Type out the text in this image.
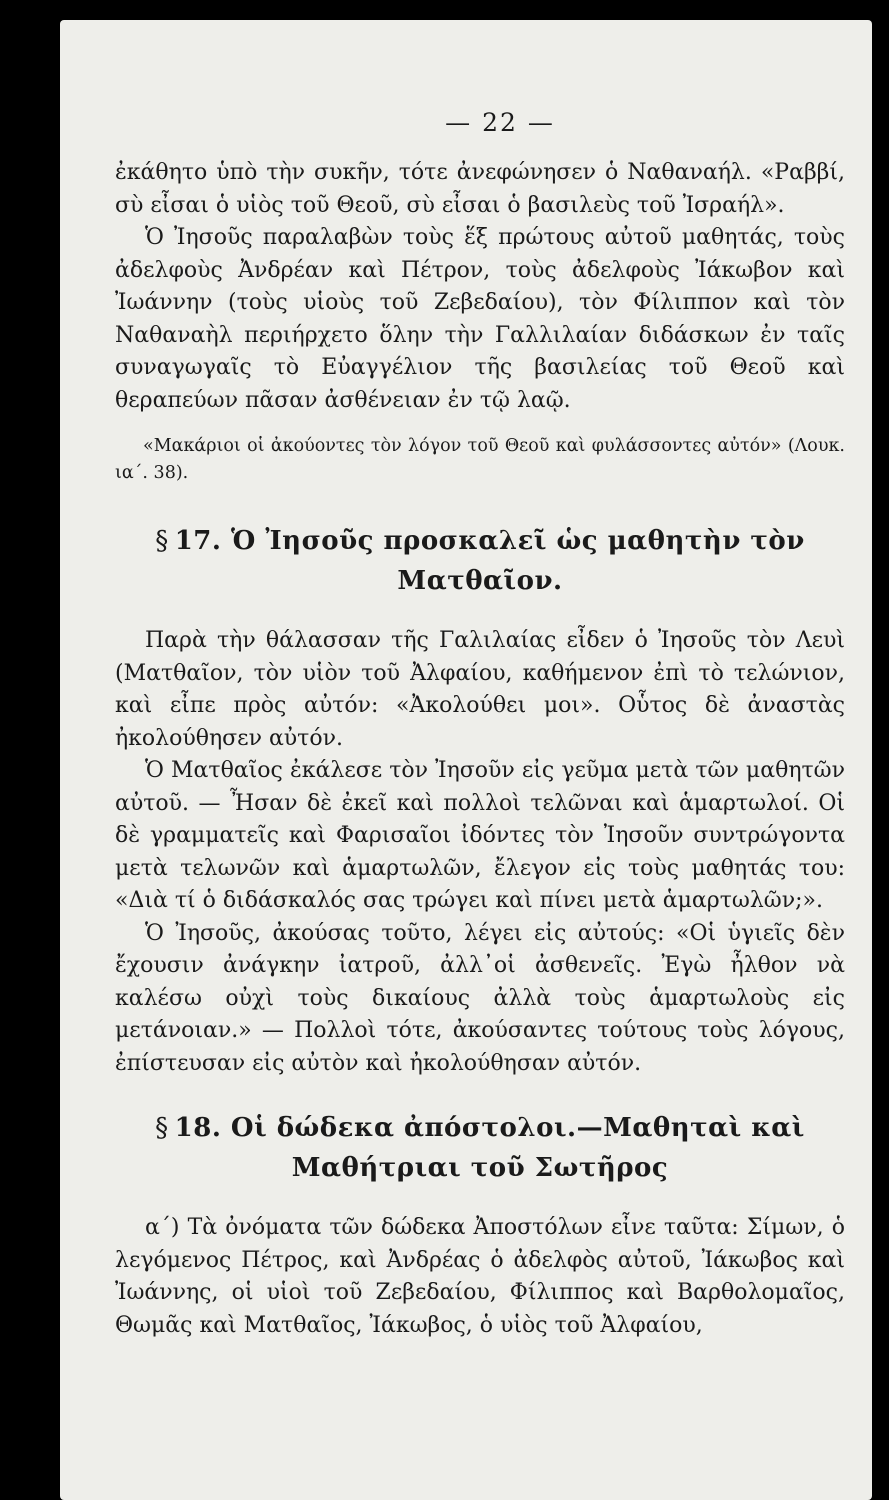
— 22 —

ἐκάθητο ὑπὸ τὴν συκῆν, τότε ἀνεφώνησεν ὁ Ναθαναήλ. «Ραββί, σὺ εἶσαι ὁ υἱὸς τοῦ Θεοῦ, σὺ εἶσαι ὁ βασιλεὺς τοῦ Ἰσραήλ».

Ὁ Ἰησοῦς παραλαβὼν τοὺς ἕξ πρώτους αὐτοῦ μαθητάς, τοὺς ἀδελφοὺς Ἀνδρέαν καὶ Πέτρον, τοὺς ἀδελφοὺς Ἰάκωβον καὶ Ἰωάννην (τοὺς υἱοὺς τοῦ Ζεβεδαίου), τὸν Φίλιππον καὶ τὸν Ναθαναὴλ περιήρχετο ὅλην τὴν Γαλλιλαίαν διδάσκων ἐν ταῖς συναγωγαῖς τὸ Εὐαγγέλιον τῆς βασιλείας τοῦ Θεοῦ καὶ θεραπεύων πᾶσαν ἀσθένειαν ἐν τῷ λαῷ.

«Μακάριοι οἱ ἀκούοντες τὸν λόγον τοῦ Θεοῦ καὶ φυλάσσοντες αὐτόν» (Λουκ. ια΄. 38).

§ 17. Ὁ Ἰησοῦς προσκαλεῖ ὡς μαθητὴν τὸν Ματθαῖον.

Παρὰ τὴν θάλασσαν τῆς Γαλιλαίας εἶδεν ὁ Ἰησοῦς τὸν Λευὶ (Ματθαῖον, τὸν υἱὸν τοῦ Ἀλφαίου, καθήμενον ἐπὶ τὸ τελώνιον, καὶ εἶπε πρὸς αὐτόν: «Ἀκολούθει μοι». Οὗτος δὲ ἀναστὰς ἠκολούθησεν αὐτόν.

Ὁ Ματθαῖος ἐκάλεσε τὸν Ἰησοῦν εἰς γεῦμα μετὰ τῶν μαθητῶν αὐτοῦ. — Ἦσαν δὲ ἐκεῖ καὶ πολλοὶ τελῶναι καὶ ἁμαρτωλοί. Οἱ δὲ γραμματεῖς καὶ Φαρισαῖοι ἰδόντες τὸν Ἰησοῦν συντρώγοντα μετὰ τελωνῶν καὶ ἁμαρτωλῶν, ἔλεγον εἰς τοὺς μαθητάς του: «Διὰ τί ὁ διδάσκαλός σας τρώγει καὶ πίνει μετὰ ἁμαρτωλῶν;».

Ὁ Ἰησοῦς, ἀκούσας τοῦτο, λέγει εἰς αὐτούς: «Οἱ ὑγιεῖς δὲν ἔχουσιν ἀνάγκην ἰατροῦ, ἀλλ᾽οἱ ἀσθενεῖς. Ἐγὼ ἦλθον νὰ καλέσω οὐχὶ τοὺς δικαίους ἀλλὰ τοὺς ἁμαρτωλοὺς εἰς μετάνοιαν.» — Πολλοὶ τότε, ἀκούσαντες τούτους τοὺς λόγους, ἐπίστευσαν εἰς αὐτὸν καὶ ἠκολούθησαν αὐτόν.

§ 18. Οἱ δώδεκα ἀπόστολοι.—Μαθηταὶ καὶ Μαθήτριαι τοῦ Σωτῆρος

α΄) Τὰ ὀνόματα τῶν δώδεκα Ἀποστόλων εἶνε ταῦτα: Σίμων, ὁ λεγόμενος Πέτρος, καὶ Ἀνδρέας ὁ ἀδελφὸς αὐτοῦ, Ἰάκωβος καὶ Ἰωάννης, οἱ υἱοὶ τοῦ Ζεβεδαίου, Φίλιππος καὶ Βαρθολομαῖος, Θωμᾶς καὶ Ματθαῖος, Ἰάκωβος, ὁ υἱὸς τοῦ Ἀλφαίου,
